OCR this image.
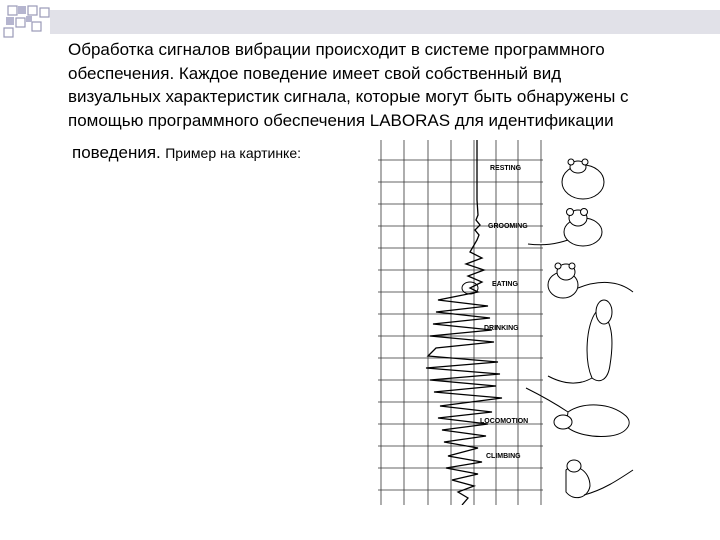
Обработка сигналов вибрации происходит в системе программного
обеспечения. Каждое поведение имеет свой собственный вид
визуальных характеристик сигнала, которые могут быть обнаружены с
помощью программного обеспечения LABORAS для идентификации
поведения. Пример на картинке:
RESTING
GROOMING
EATING
DRINKING
LOCOMOTION
CLIMBING
